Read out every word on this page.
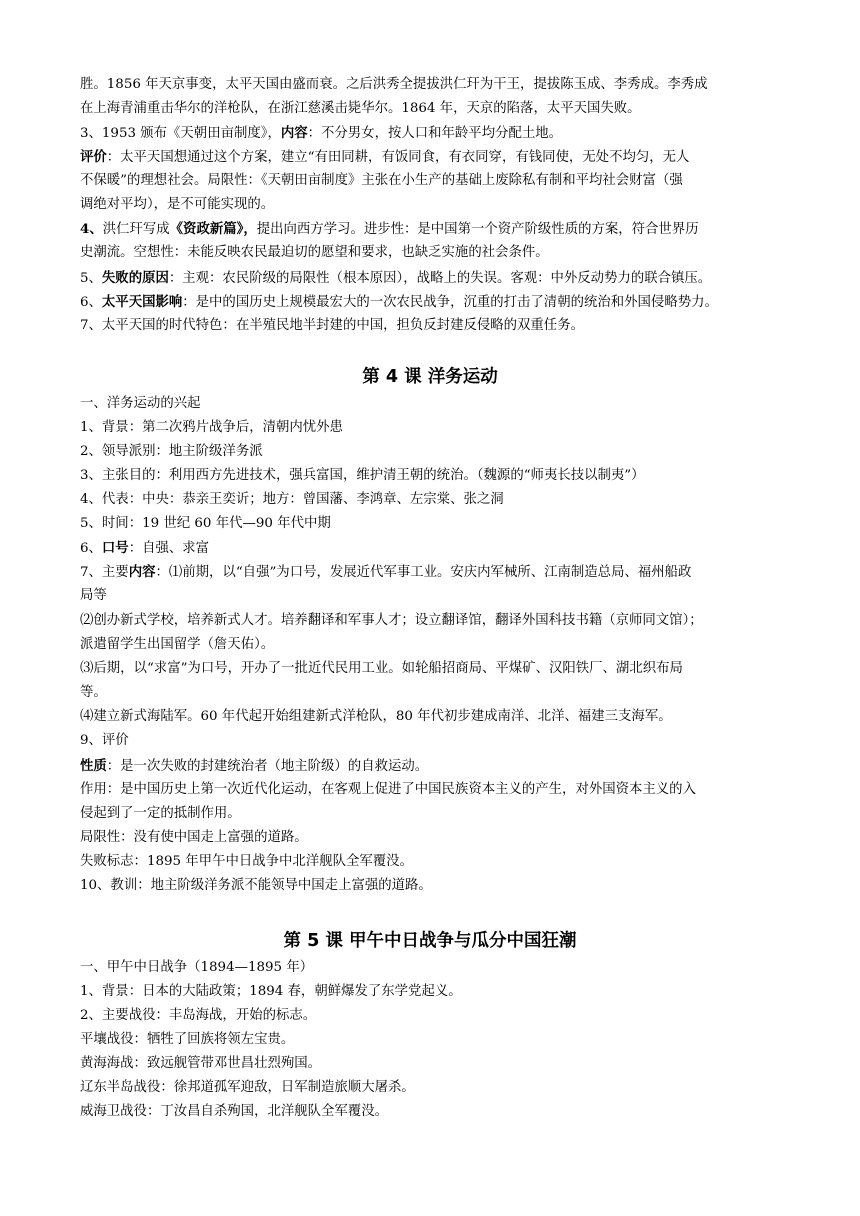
胜。1856 年天京事变，太平天国由盛而衰。之后洪秀全提拔洪仁玕为干王，提拔陈玉成、李秀成。李秀成
在上海青浦重击华尔的洋枪队，在浙江慈溪击毙华尔。1864 年，天京的陷落，太平天国失败。
3、1953 颁布《天朝田亩制度》，内容：不分男女，按人口和年龄平均分配土地。
评价：太平天国想通过这个方案，建立“有田同耕，有饭同食，有衣同穿，有钱同使，无处不均匀，无人
不保暖”的理想社会。局限性：《天朝田亩制度》主张在小生产的基础上废除私有制和平均社会财富（强
调绝对平均），是不可能实现的。
4、洪仁玕写成《资政新篇》，提出向西方学习。进步性：是中国第一个资产阶级性质的方案，符合世界历
史潮流。空想性：未能反映农民最迫切的愿望和要求，也缺乏实施的社会条件。
5、失败的原因：主观：农民阶级的局限性（根本原因），战略上的失误。客观：中外反动势力的联合镇压。
6、太平天国影响：是中的国历史上规模最宏大的一次农民战争，沉重的打击了清朝的统治和外国侵略势力。
7、太平天国的时代特色：在半殖民地半封建的中国，担负反封建反侵略的双重任务。
第 4 课 洋务运动
一、洋务运动的兴起
1、背景：第二次鸦片战争后，清朝内忧外患
2、领导派别：地主阶级洋务派
3、主张目的：利用西方先进技术，强兵富国，维护清王朝的统治。（魏源的“师夷长技以制夷”）
4、代表：中央：恭亲王奕䜣；地方：曾国藩、李鸿章、左宗棠、张之洞
5、时间：19 世纪 60 年代—90 年代中期
6、口号：自强、求富
7、主要内容：⑴前期，以“自强”为口号，发展近代军事工业。安庆内军械所、江南制造总局、福州船政
局等
⑵创办新式学校，培养新式人才。培养翻译和军事人才；设立翻译馆，翻译外国科技书籍（京师同文馆）；
派遣留学生出国留学（詹天佑）。
⑶后期，以“求富”为口号，开办了一批近代民用工业。如轮船招商局、平煤矿、汉阳铁厂、湖北织布局
等。
⑷建立新式海陆军。60 年代起开始组建新式洋枪队，80 年代初步建成南洋、北洋、福建三支海军。
9、评价
性质：是一次失败的封建统治者（地主阶级）的自救运动。
作用：是中国历史上第一次近代化运动，在客观上促进了中国民族资本主义的产生，对外国资本主义的入
侵起到了一定的抵制作用。
局限性：没有使中国走上富强的道路。
失败标志：1895 年甲午中日战争中北洋舰队全军覆没。
10、教训：地主阶级洋务派不能领导中国走上富强的道路。
第 5 课 甲午中日战争与瓜分中国狂潮
一、甲午中日战争（1894—1895 年）
1、背景：日本的大陆政策；1894 春，朝鲜爆发了东学党起义。
2、主要战役：丰岛海战，开始的标志。
平壤战役：牺牲了回族将领左宝贵。
黄海海战：致远舰管带邓世昌壮烈殉国。
辽东半岛战役：徐邦道孤军迎敌，日军制造旅顺大屠杀。
威海卫战役：丁汝昌自杀殉国，北洋舰队全军覆没。
